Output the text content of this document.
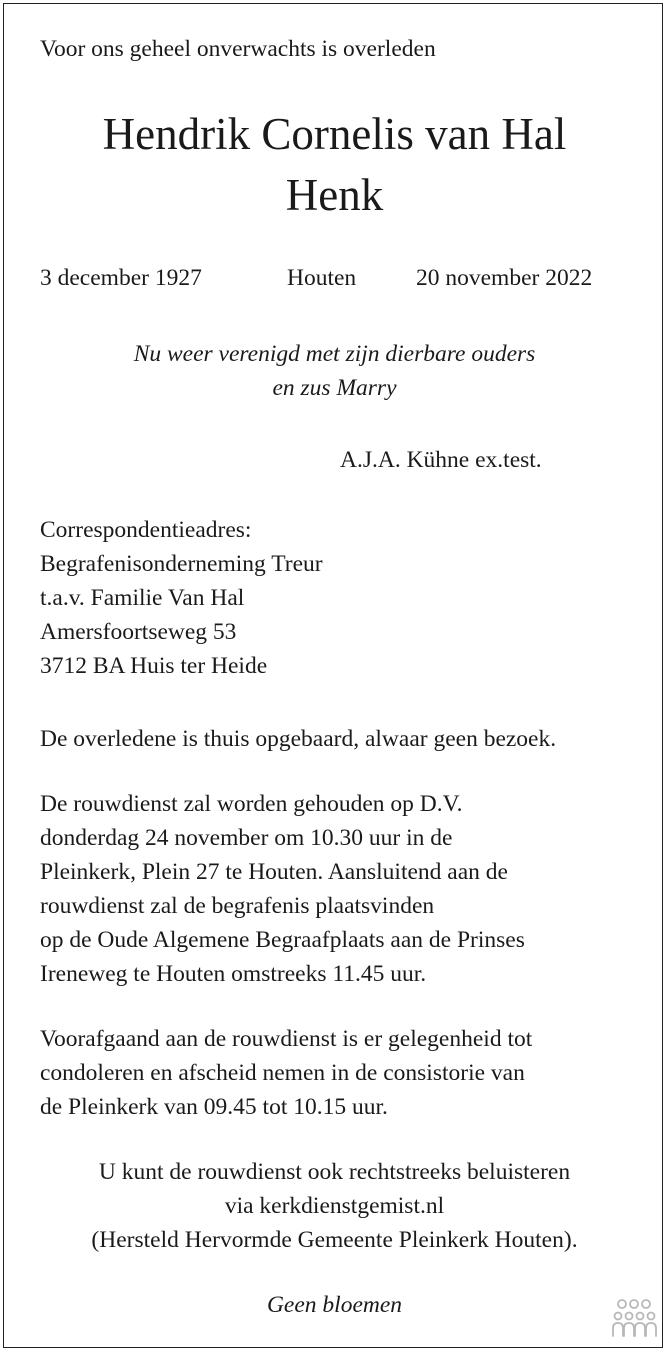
Voor ons geheel onverwachts is overleden
Hendrik Cornelis van Hal
Henk
3 december 1927	Houten	20 november 2022
Nu weer verenigd met zijn dierbare ouders
en zus Marry
A.J.A. Kühne ex.test.
Correspondentieadres:
Begrafenisonderneming Treur
t.a.v. Familie Van Hal
Amersfoortseweg 53
3712 BA Huis ter Heide
De overledene is thuis opgebaard, alwaar geen bezoek.
De rouwdienst zal worden gehouden op D.V.
donderdag 24 november om 10.30 uur in de
Pleinkerk, Plein 27 te Houten. Aansluitend aan de
rouwdienst zal de begrafenis plaatsvinden
op de Oude Algemene Begraafplaats aan de Prinses
Ireneweg te Houten omstreeks 11.45 uur.
Voorafgaand aan de rouwdienst is er gelegenheid tot
condoleren en afscheid nemen in de consistorie van
de Pleinkerk van 09.45 tot 10.15 uur.
U kunt de rouwdienst ook rechtstreeks beluisteren
via kerkdienstgemist.nl
(Hersteld Hervormde Gemeente Pleinkerk Houten).
Geen bloemen
